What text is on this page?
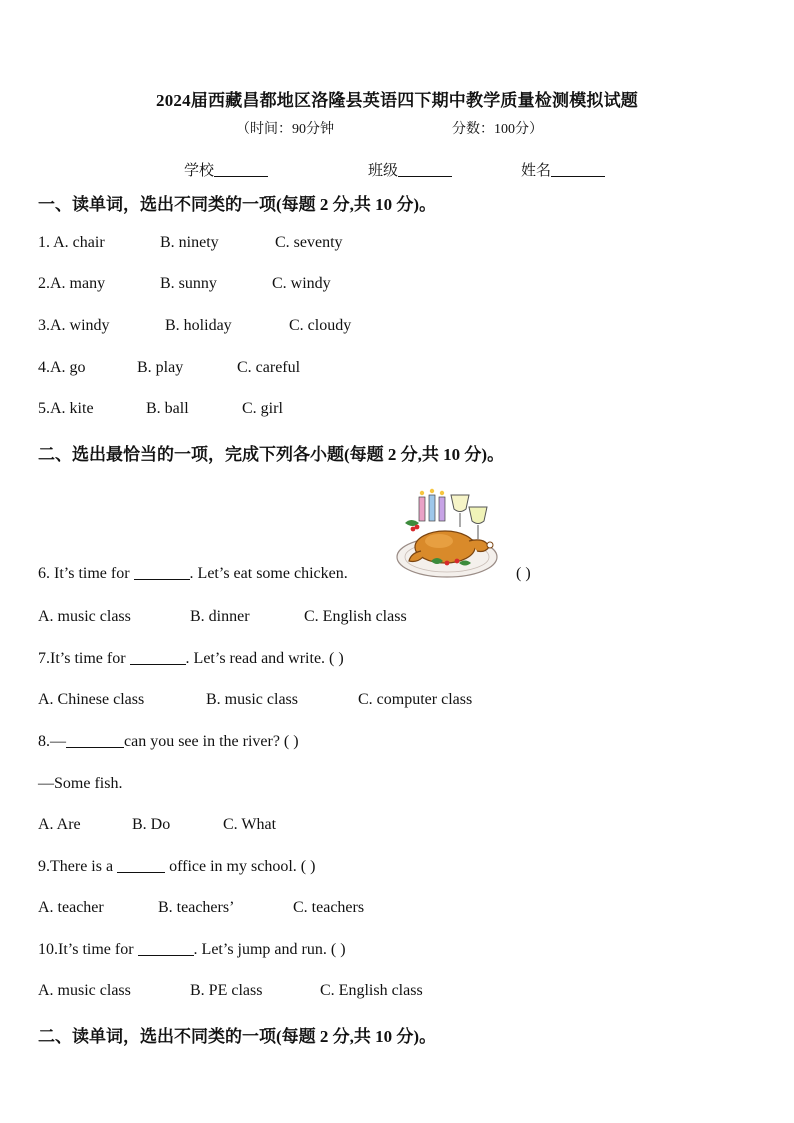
2024届西藏昌都地区洛隆县英语四下期中教学质量检测模拟试题
（时间：90分钟	分数：100分）
学校	班级	姓名
一、读单词，选出不同类的一项(每题 2 分,共 10 分)。
1. A. chair	B. ninety	C. seventy
2.A. many	B. sunny	C. windy
3.A. windy	B. holiday	C. cloudy
4.A. go	B. play	C. careful
5.A. kite	B. ball	C. girl
二、选出最恰当的一项，完成下列各小题(每题 2 分,共 10 分)。
6. It’s time for	. Let’s eat some chicken.	( )
A. music class	B. dinner	C. English class
7.It’s time for	. Let’s read and write. ( )
A. Chinese class	B. music class	C. computer class
8.—	can you see in the river? ( )
—Some fish.
A. Are	B. Do	C. What
9.There is a	office in my school. ( )
A. teacher	B. teachers’	C. teachers
10.It’s time for	. Let’s jump and run. ( )
A. music class	B. PE class	C. English class
二、读单词，选出不同类的一项(每题 2 分,共 10 分)。
